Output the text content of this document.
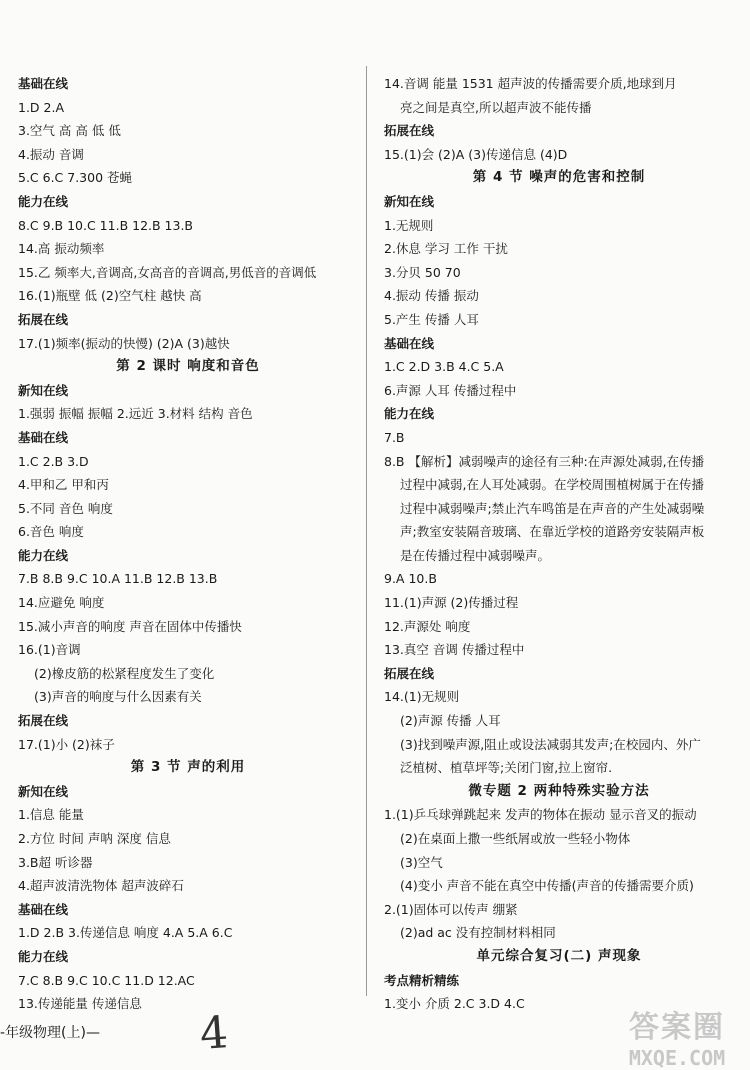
基础在线
1.D 2.A
3.空气 高 高 低 低
4.振动 音调
5.C 6.C 7.300 苍蝇
能力在线
8.C 9.B 10.C 11.B 12.B 13.B
14.高 振动频率
15.乙 频率大,音调高,女高音的音调高,男低音的音调低
16.(1)瓶壁 低 (2)空气柱 越快 高
拓展在线
17.(1)频率(振动的快慢) (2)A (3)越快
第 2 课时 响度和音色
新知在线
1.强弱 振幅 振幅 2.远近 3.材料 结构 音色
基础在线
1.C 2.B 3.D
4.甲和乙 甲和丙
5.不同 音色 响度
6.音色 响度
能力在线
7.B 8.B 9.C 10.A 11.B 12.B 13.B
14.应避免 响度
15.减小声音的响度 声音在固体中传播快
16.(1)音调
(2)橡皮筋的松紧程度发生了变化
(3)声音的响度与什么因素有关
拓展在线
17.(1)小 (2)袜子
第 3 节 声的利用
新知在线
1.信息 能量
2.方位 时间 声呐 深度 信息
3.B超 听诊器
4.超声波清洗物体 超声波碎石
基础在线
1.D 2.B 3.传递信息 响度 4.A 5.A 6.C
能力在线
7.C 8.B 9.C 10.C 11.D 12.AC
13.传递能量 传递信息
14.音调 能量 1531 超声波的传播需要介质,地球到月
亮之间是真空,所以超声波不能传播
拓展在线
15.(1)会 (2)A (3)传递信息 (4)D
第 4 节 噪声的危害和控制
新知在线
1.无规则
2.休息 学习 工作 干扰
3.分贝 50 70
4.振动 传播 振动
5.产生 传播 人耳
基础在线
1.C 2.D 3.B 4.C 5.A
6.声源 人耳 传播过程中
能力在线
7.B
8.B 【解析】减弱噪声的途径有三种:在声源处减弱,在传播
过程中减弱,在人耳处减弱。在学校周围植树属于在传播
过程中减弱噪声;禁止汽车鸣笛是在声音的产生处减弱噪
声;教室安装隔音玻璃、在靠近学校的道路旁安装隔声板
是在传播过程中减弱噪声。
9.A 10.B
11.(1)声源 (2)传播过程
12.声源处 响度
13.真空 音调 传播过程中
拓展在线
14.(1)无规则
(2)声源 传播 人耳
(3)找到噪声源,阻止或设法减弱其发声;在校园内、外广
泛植树、植草坪等;关闭门窗,拉上窗帘.
微专题 2 两种特殊实验方法
1.(1)乒乓球弹跳起来 发声的物体在振动 显示音叉的振动
(2)在桌面上撒一些纸屑或放一些轻小物体
(3)空气
(4)变小 声音不能在真空中传播(声音的传播需要介质)
2.(1)固体可以传声 绷紧
(2)ad ac 没有控制材料相同
单元综合复习(二) 声现象
考点精析精练
1.变小 介质 2.C 3.D 4.C
-年级物理(上)— 4	答案圈
MXQE.COM
